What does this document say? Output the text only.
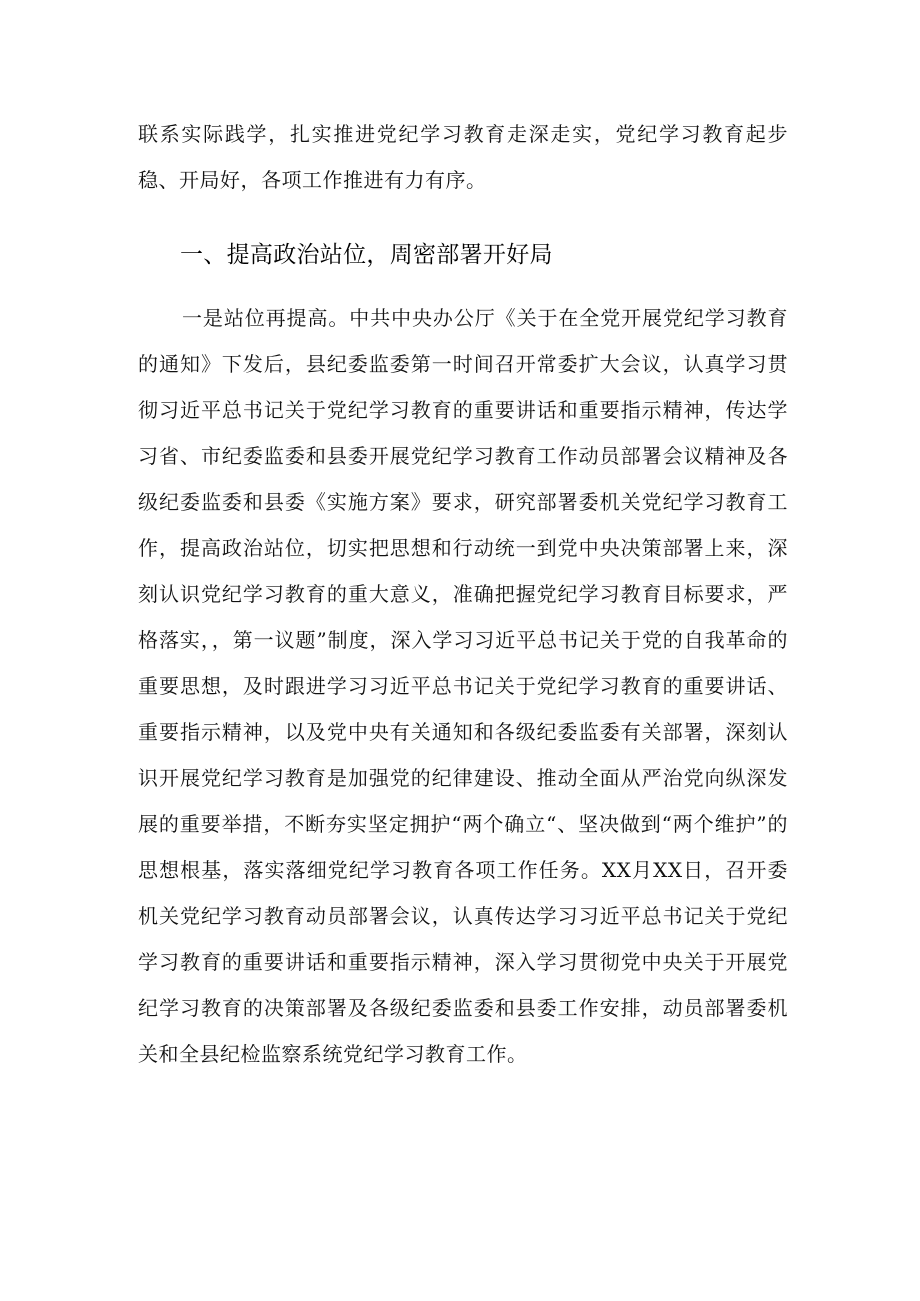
联系实际践学，扎实推进党纪学习教育走深走实，党纪学习教育起步稳、开局好，各项工作推进有力有序。

一、提高政治站位，周密部署开好局

一是站位再提高。中共中央办公厅《关于在全党开展党纪学习教育的通知》下发后，县纪委监委第一时间召开常委扩大会议，认真学习贯彻习近平总书记关于党纪学习教育的重要讲话和重要指示精神，传达学习省、市纪委监委和县委开展党纪学习教育工作动员部署会议精神及各级纪委监委和县委《实施方案》要求，研究部署委机关党纪学习教育工作，提高政治站位，切实把思想和行动统一到党中央决策部署上来，深刻认识党纪学习教育的重大意义，准确把握党纪学习教育目标要求，严格落实，，第一议题”制度，深入学习习近平总书记关于党的自我革命的重要思想，及时跟进学习习近平总书记关于党纪学习教育的重要讲话、重要指示精神，以及党中央有关通知和各级纪委监委有关部署，深刻认识开展党纪学习教育是加强党的纪律建设、推动全面从严治党向纵深发展的重要举措，不断夯实坚定拥护“两个确立“、坚决做到“两个维护”的思想根基，落实落细党纪学习教育各项工作任务。XX月XX日，召开委机关党纪学习教育动员部署会议，认真传达学习习近平总书记关于党纪学习教育的重要讲话和重要指示精神，深入学习贯彻党中央关于开展党纪学习教育的决策部署及各级纪委监委和县委工作安排，动员部署委机关和全县纪检监察系统党纪学习教育工作。
